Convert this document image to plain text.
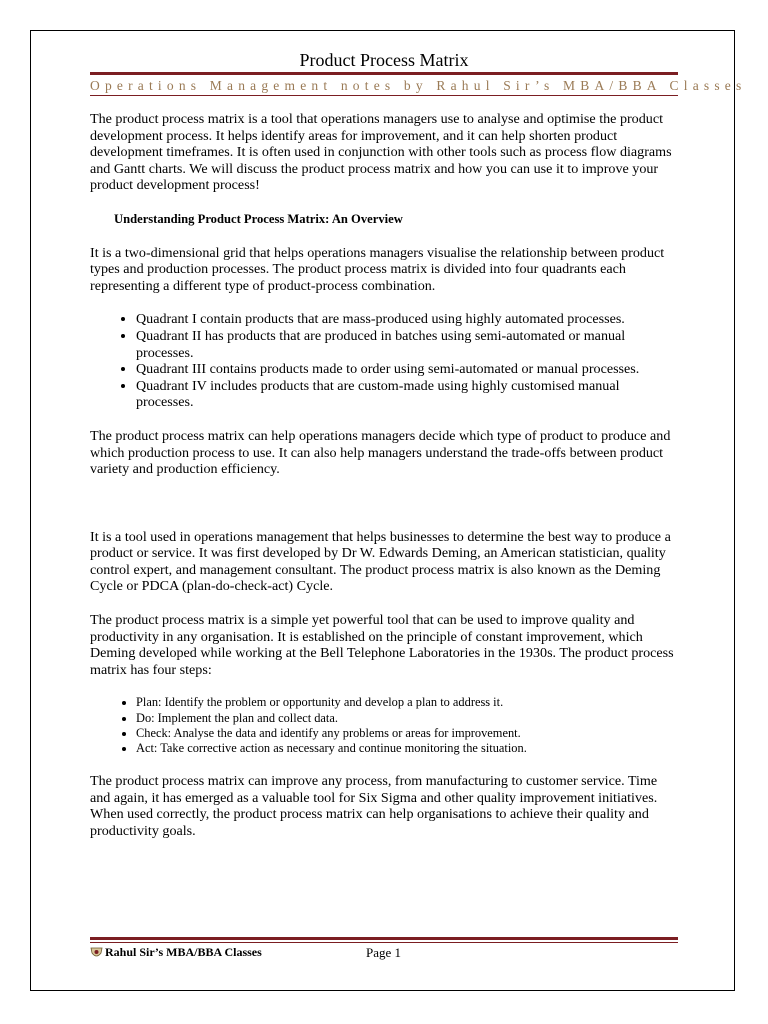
Product Process Matrix
Operations Management notes by Rahul Sir’s MBA/BBA Classes

The product process matrix is a tool that operations managers use to analyse and optimise the product development process. It helps identify areas for improvement, and it can help shorten product development timeframes. It is often used in conjunction with other tools such as process flow diagrams and Gantt charts. We will discuss the product process matrix and how you can use it to improve your product development process!

Understanding Product Process Matrix: An Overview

It is a two-dimensional grid that helps operations managers visualise the relationship between product types and production processes. The product process matrix is divided into four quadrants each representing a different type of product-process combination.

• Quadrant I contain products that are mass-produced using highly automated processes.
• Quadrant II has products that are produced in batches using semi-automated or manual processes.
• Quadrant III contains products made to order using semi-automated or manual processes.
• Quadrant IV includes products that are custom-made using highly customised manual processes.

The product process matrix can help operations managers decide which type of product to produce and which production process to use. It can also help managers understand the trade-offs between product variety and production efficiency.

It is a tool used in operations management that helps businesses to determine the best way to produce a product or service. It was first developed by Dr W. Edwards Deming, an American statistician, quality control expert, and management consultant. The product process matrix is also known as the Deming Cycle or PDCA (plan-do-check-act) Cycle.

The product process matrix is a simple yet powerful tool that can be used to improve quality and productivity in any organisation. It is established on the principle of constant improvement, which Deming developed while working at the Bell Telephone Laboratories in the 1930s. The product process matrix has four steps:

• Plan: Identify the problem or opportunity and develop a plan to address it.
• Do: Implement the plan and collect data.
• Check: Analyse the data and identify any problems or areas for improvement.
• Act: Take corrective action as necessary and continue monitoring the situation.

The product process matrix can improve any process, from manufacturing to customer service. Time and again, it has emerged as a valuable tool for Six Sigma and other quality improvement initiatives. When used correctly, the product process matrix can help organisations to achieve their quality and productivity goals.

Rahul Sir’s MBA/BBA Classes	Page 1
